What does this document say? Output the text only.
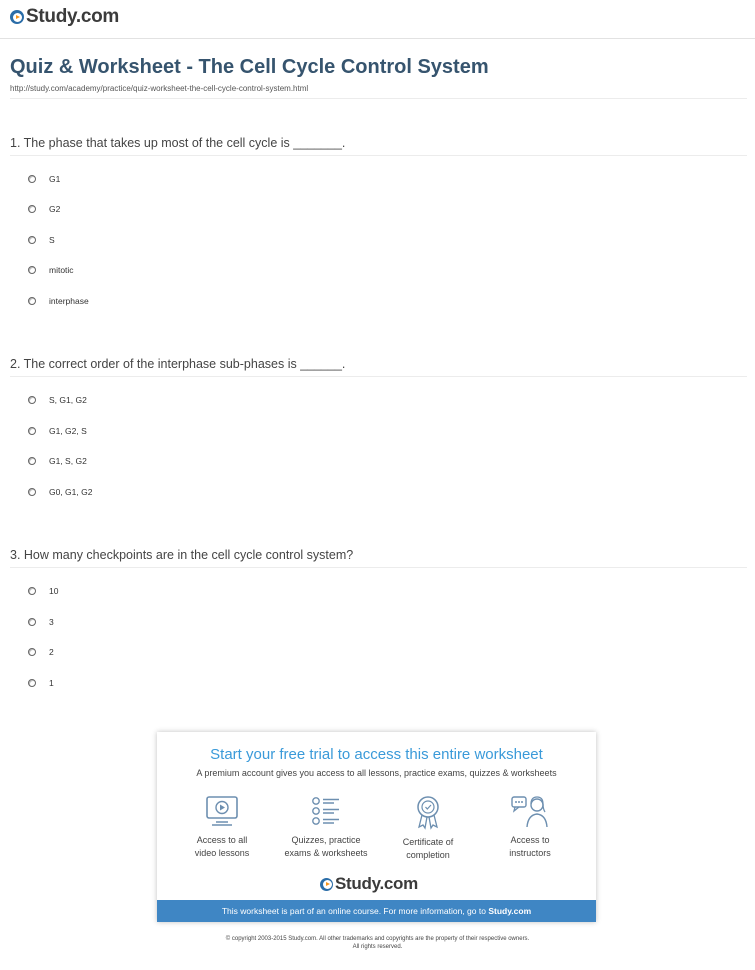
Study.com
Quiz & Worksheet - The Cell Cycle Control System
http://study.com/academy/practice/quiz-worksheet-the-cell-cycle-control-system.html
1. The phase that takes up most of the cell cycle is _______.
G1
G2
S
mitotic
interphase
2. The correct order of the interphase sub-phases is ______.
S, G1, G2
G1, G2, S
G1, S, G2
G0, G1, G2
3. How many checkpoints are in the cell cycle control system?
10
3
2
1
Start your free trial to access this entire worksheet
A premium account gives you access to all lessons, practice exams, quizzes & worksheets
Access to all
video lessons
Quizzes, practice
exams & worksheets
Certificate of
completion
Access to
instructors
Study.com
This worksheet is part of an online course. For more information, go to Study.com
© copyright 2003-2015 Study.com. All other trademarks and copyrights are the property of their respective owners.
All rights reserved.
